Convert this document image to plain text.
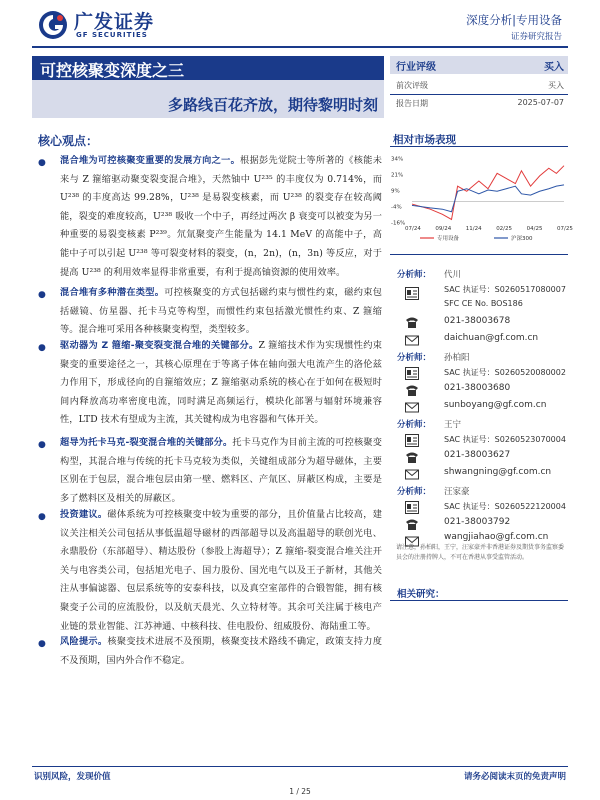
广发证券
GF SECURITIES
深度分析|专用设备
证券研究报告
可控核聚变深度之三
多路线百花齐放，期待黎明时刻
行业评级	买入
前次评级	买入
报告日期	2025-07-07
核心观点：
● 混合堆为可控核聚变重要的发展方向之一。根据彭先觉院士等所著的《核能未来与 Z 箍缩驱动聚变裂变混合堆》，天然铀中 U²³⁵ 的丰度仅为 0.714%，而 U²³⁸ 的丰度高达 99.28%，U²³⁸ 是易裂变核素，而 U²³⁸ 的裂变存在较高阈能，裂变的难度较高，U²³⁸ 吸收一个中子，再经过两次 β 衰变可以被变为另一种重要的易裂变核素 P²³⁹。氘氚聚变产生能量为 14.1 MeV 的高能中子，高能中子可以引起 U²³⁸ 等可裂变材料的裂变，(n，2n)，(n，3n) 等反应，对于提高 U²³⁸ 的利用效率显得非常重要，有利于提高铀资源的使用效率。
● 混合堆有多种潜在类型。可控核聚变的方式包括磁约束与惯性约束，磁约束包括磁镜、仿星器、托卡马克等构型，而惯性约束包括激光惯性约束、Z 箍缩等。混合堆可采用各种核聚变构型，类型较多。
● 驱动器为 Z 箍缩-聚变裂变混合堆的关键部分。Z 箍缩技术作为实现惯性约束聚变的重要途径之一，其核心原理在于等离子体在轴向强大电流产生的洛伦兹力作用下，形成径向的自箍缩效应；Z 箍缩驱动系统的核心在于如何在极短时间内释放高功率密度电流，同时满足高频运行，模块化部署与辐射环境兼容性，LTD 技术有望成为主流，其关键构成为电容器和气体开关。
● 超导为托卡马克-裂变混合堆的关键部分。托卡马克作为目前主流的可控核聚变构型，其混合堆与传统的托卡马克较为类似，关键组成部分为超导磁体，主要区别在于包层，混合堆包层由第一壁、燃料区、产氚区、屏蔽区构成，主要是多了燃料区及相关的屏蔽区。
● 投资建议。磁体系统为可控核聚变中较为重要的部分，且价值量占比较高，建议关注相关公司包括从事低温超导磁材的西部超导以及高温超导的联创光电、永鼎股份（东部超导）、精达股份（参股上海超导）；Z 箍缩-裂变混合堆关注开关与电容类公司，包括旭光电子、国力股份、国光电气以及王子新材，其他关注从事偏滤器、包层系统等的安泰科技，以及真空室部件的合锻智能，拥有核聚变子公司的应流股份，以及航天晨光、久立特材等。其余可关注属于核电产业链的景业智能、江苏神通、中核科技、佳电股份、纽威股份、海陆重工等。
● 风险提示。核聚变技术进展不及预期，核聚变技术路线不确定，政策支持力度不及预期，国内外合作不稳定。
相对市场表现
34%
21%
9%
-4%
-16%
07/24	09/24	11/24	02/25	04/25	07/25
专用设备	沪深300
分析师： 代川
SAC 执证号：S0260517080007
SFC CE No. BOS186
021-38003678
daichuan@gf.com.cn
分析师： 孙柏阳
SAC 执证号：S0260520080002
021-38003680
sunboyang@gf.com.cn
分析师： 王宁
SAC 执证号：S0260523070004
021-38003627
shwangning@gf.com.cn
分析师： 汪家豪
SAC 执证号：S0260522120004
021-38003792
wangjiahao@gf.com.cn
请注意，孙柏阳，王宁，汪家豪并非香港证券及期货事务监察委员会的注册持牌人，不可在香港从事受监管活动。
相关研究：
识别风险，发现价值	请务必阅读末页的免责声明
1 / 25
